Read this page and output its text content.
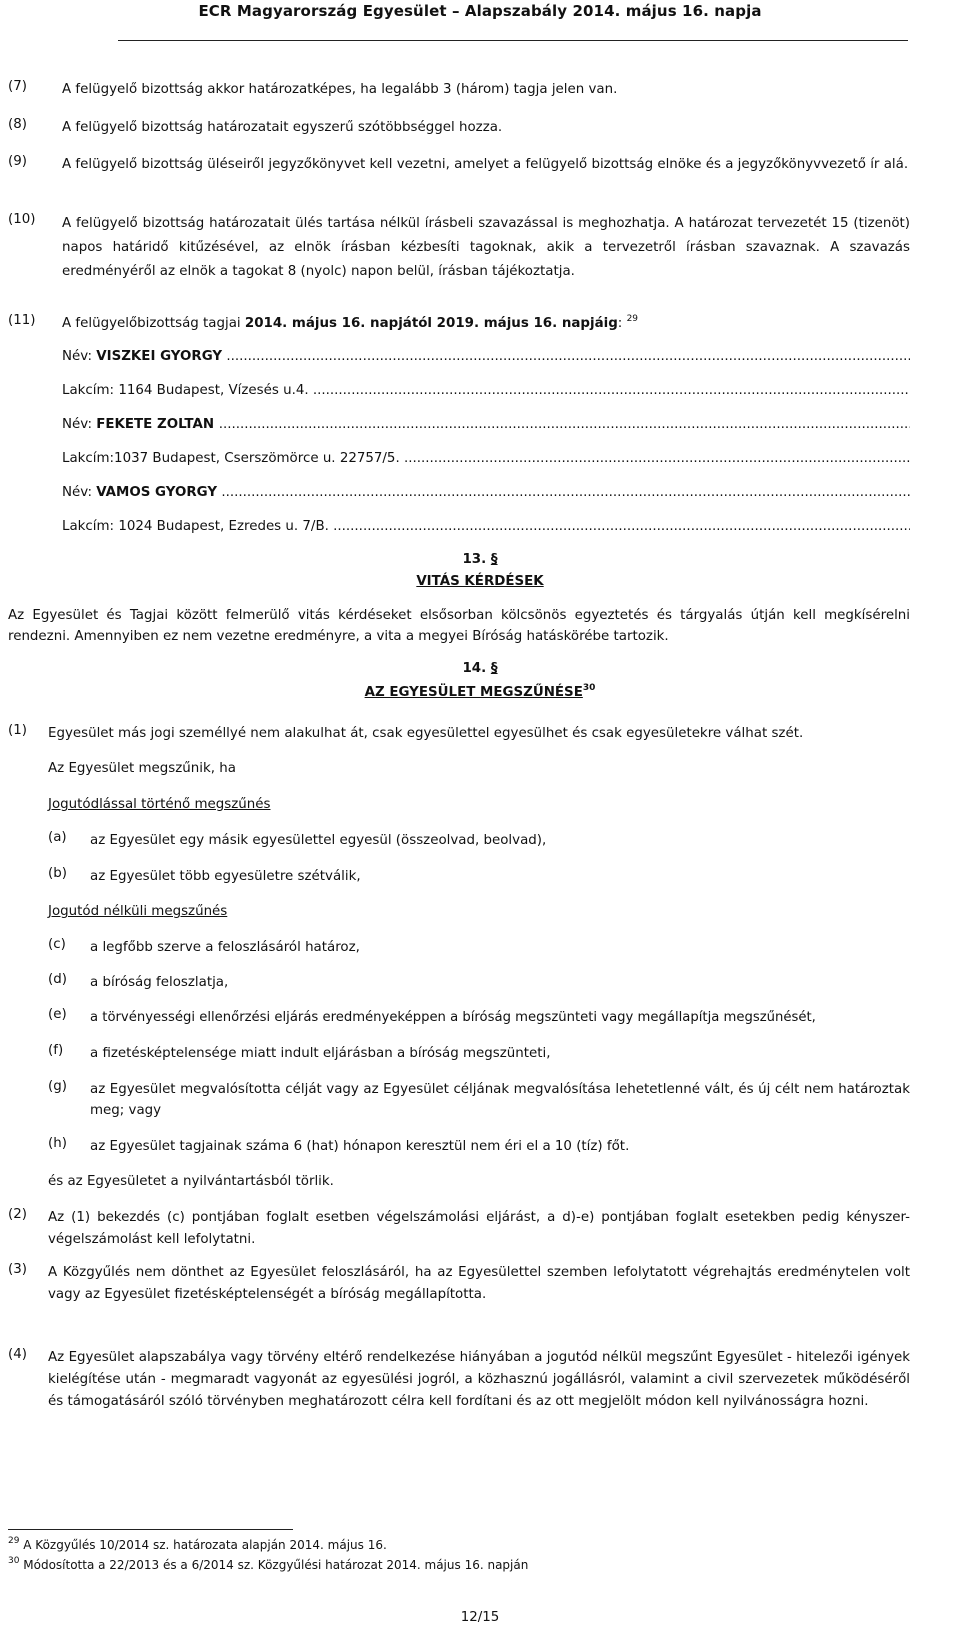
ECR Magyarország Egyesület – Alapszabály 2014. május 16. napja
(7)	A felügyelő bizottság akkor határozatképes, ha legalább 3 (három) tagja jelen van.
(8)	A felügyelő bizottság határozatait egyszerű szótöbbséggel hozza.
(9)	A felügyelő bizottság üléseiről jegyzőkönyvet kell vezetni, amelyet a felügyelő bizottság elnöke és a jegyzőkönyvvezető ír alá.
(10) A felügyelő bizottság határozatait ülés tartása nélkül írásbeli szavazással is meghozhatja. A határozat tervezetét 15 (tizenöt) napos határidő kitűzésével, az elnök írásban kézbesíti tagoknak, akik a tervezetről írásban szavaznak. A szavazás eredményéről az elnök a tagokat 8 (nyolc) napon belül, írásban tájékoztatja.
(11) A felügyelőbizottság tagjai 2014. május 16. napjától 2019. május 16. napjáig: $^{29}$
Név: VISZKEI GYÖRGY .....
Lakcím: 1164 Budapest, Vízesés u.4. .....
Név: FEKETE ZOLTÁN .....
Lakcím:1037 Budapest, Cserszömörce u. 22757/5. .....
Név: VÁMOS GYÖRGY .....
Lakcím: 1024 Budapest, Ezredes u. 7/B. .....
13. §
VITÁS KÉRDÉSEK
Az Egyesület és Tagjai között felmerülő vitás kérdéseket elsősorban kölcsönös egyeztetés és tárgyalás útján kell megkísérelni rendezni. Amennyiben ez nem vezetne eredményre, a vita a megyei Bíróság hatáskörébe tartozik.
14. §
AZ EGYESÜLET MEGSZŰNÉSE$^{30}$
(1) Egyesület más jogi személlyé nem alakulhat át, csak egyesülettel egyesülhet és csak egyesületekre válhat szét.
Az Egyesület megszűnik, ha
Jogutódlással történő megszűnés
(a) az Egyesület egy másik egyesülettel egyesül (összeolvad, beolvad),
(b) az Egyesület több egyesületre szétválik,
Jogutód nélküli megszűnés
(c) a legfőbb szerve a feloszlásáról határoz,
(d) a bíróság feloszlatja,
(e) a törvényességi ellenőrzési eljárás eredményeképpen a bíróság megszünteti vagy megállapítja megszűnését,
(f) a fizetésképtelensége miatt indult eljárásban a bíróság megszünteti,
(g) az Egyesület megvalósította célját vagy az Egyesület céljának megvalósítása lehetetlenné vált, és új célt nem határoztak meg; vagy
(h) az Egyesület tagjainak száma 6 (hat) hónapon keresztül nem éri el a 10 (tíz) főt.
és az Egyesületet a nyilvántartásból törlik.
(2) Az (1) bekezdés (c) pontjában foglalt esetben végelszámolási eljárást, a d)-e) pontjában foglalt esetekben pedig kényszer-végelszámolást kell lefolytatni.
(3) A Közgyűlés nem dönthet az Egyesület feloszlásáról, ha az Egyesülettel szemben lefolytatott végrehajtás eredménytelen volt vagy az Egyesület fizetésképtelenségét a bíróság megállapította.
(4) Az Egyesület alapszabálya vagy törvény eltérő rendelkezése hiányában a jogutód nélkül megszűnt Egyesület - hitelezői igények kielégítése után - megmaradt vagyonát az egyesülési jogról, a közhasznú jogállásról, valamint a civil szervezetek működéséről és támogatásáról szóló törvényben meghatározott célra kell fordítani és az ott megjelölt módon kell nyilvánosságra hozni.
$^{29}$ A Közgyűlés 10/2014 sz. határozata alapján 2014. május 16.
$^{30}$ Módosította a 22/2013 és a 6/2014 sz. Közgyűlési határozat 2014. május 16. napján
12/15
